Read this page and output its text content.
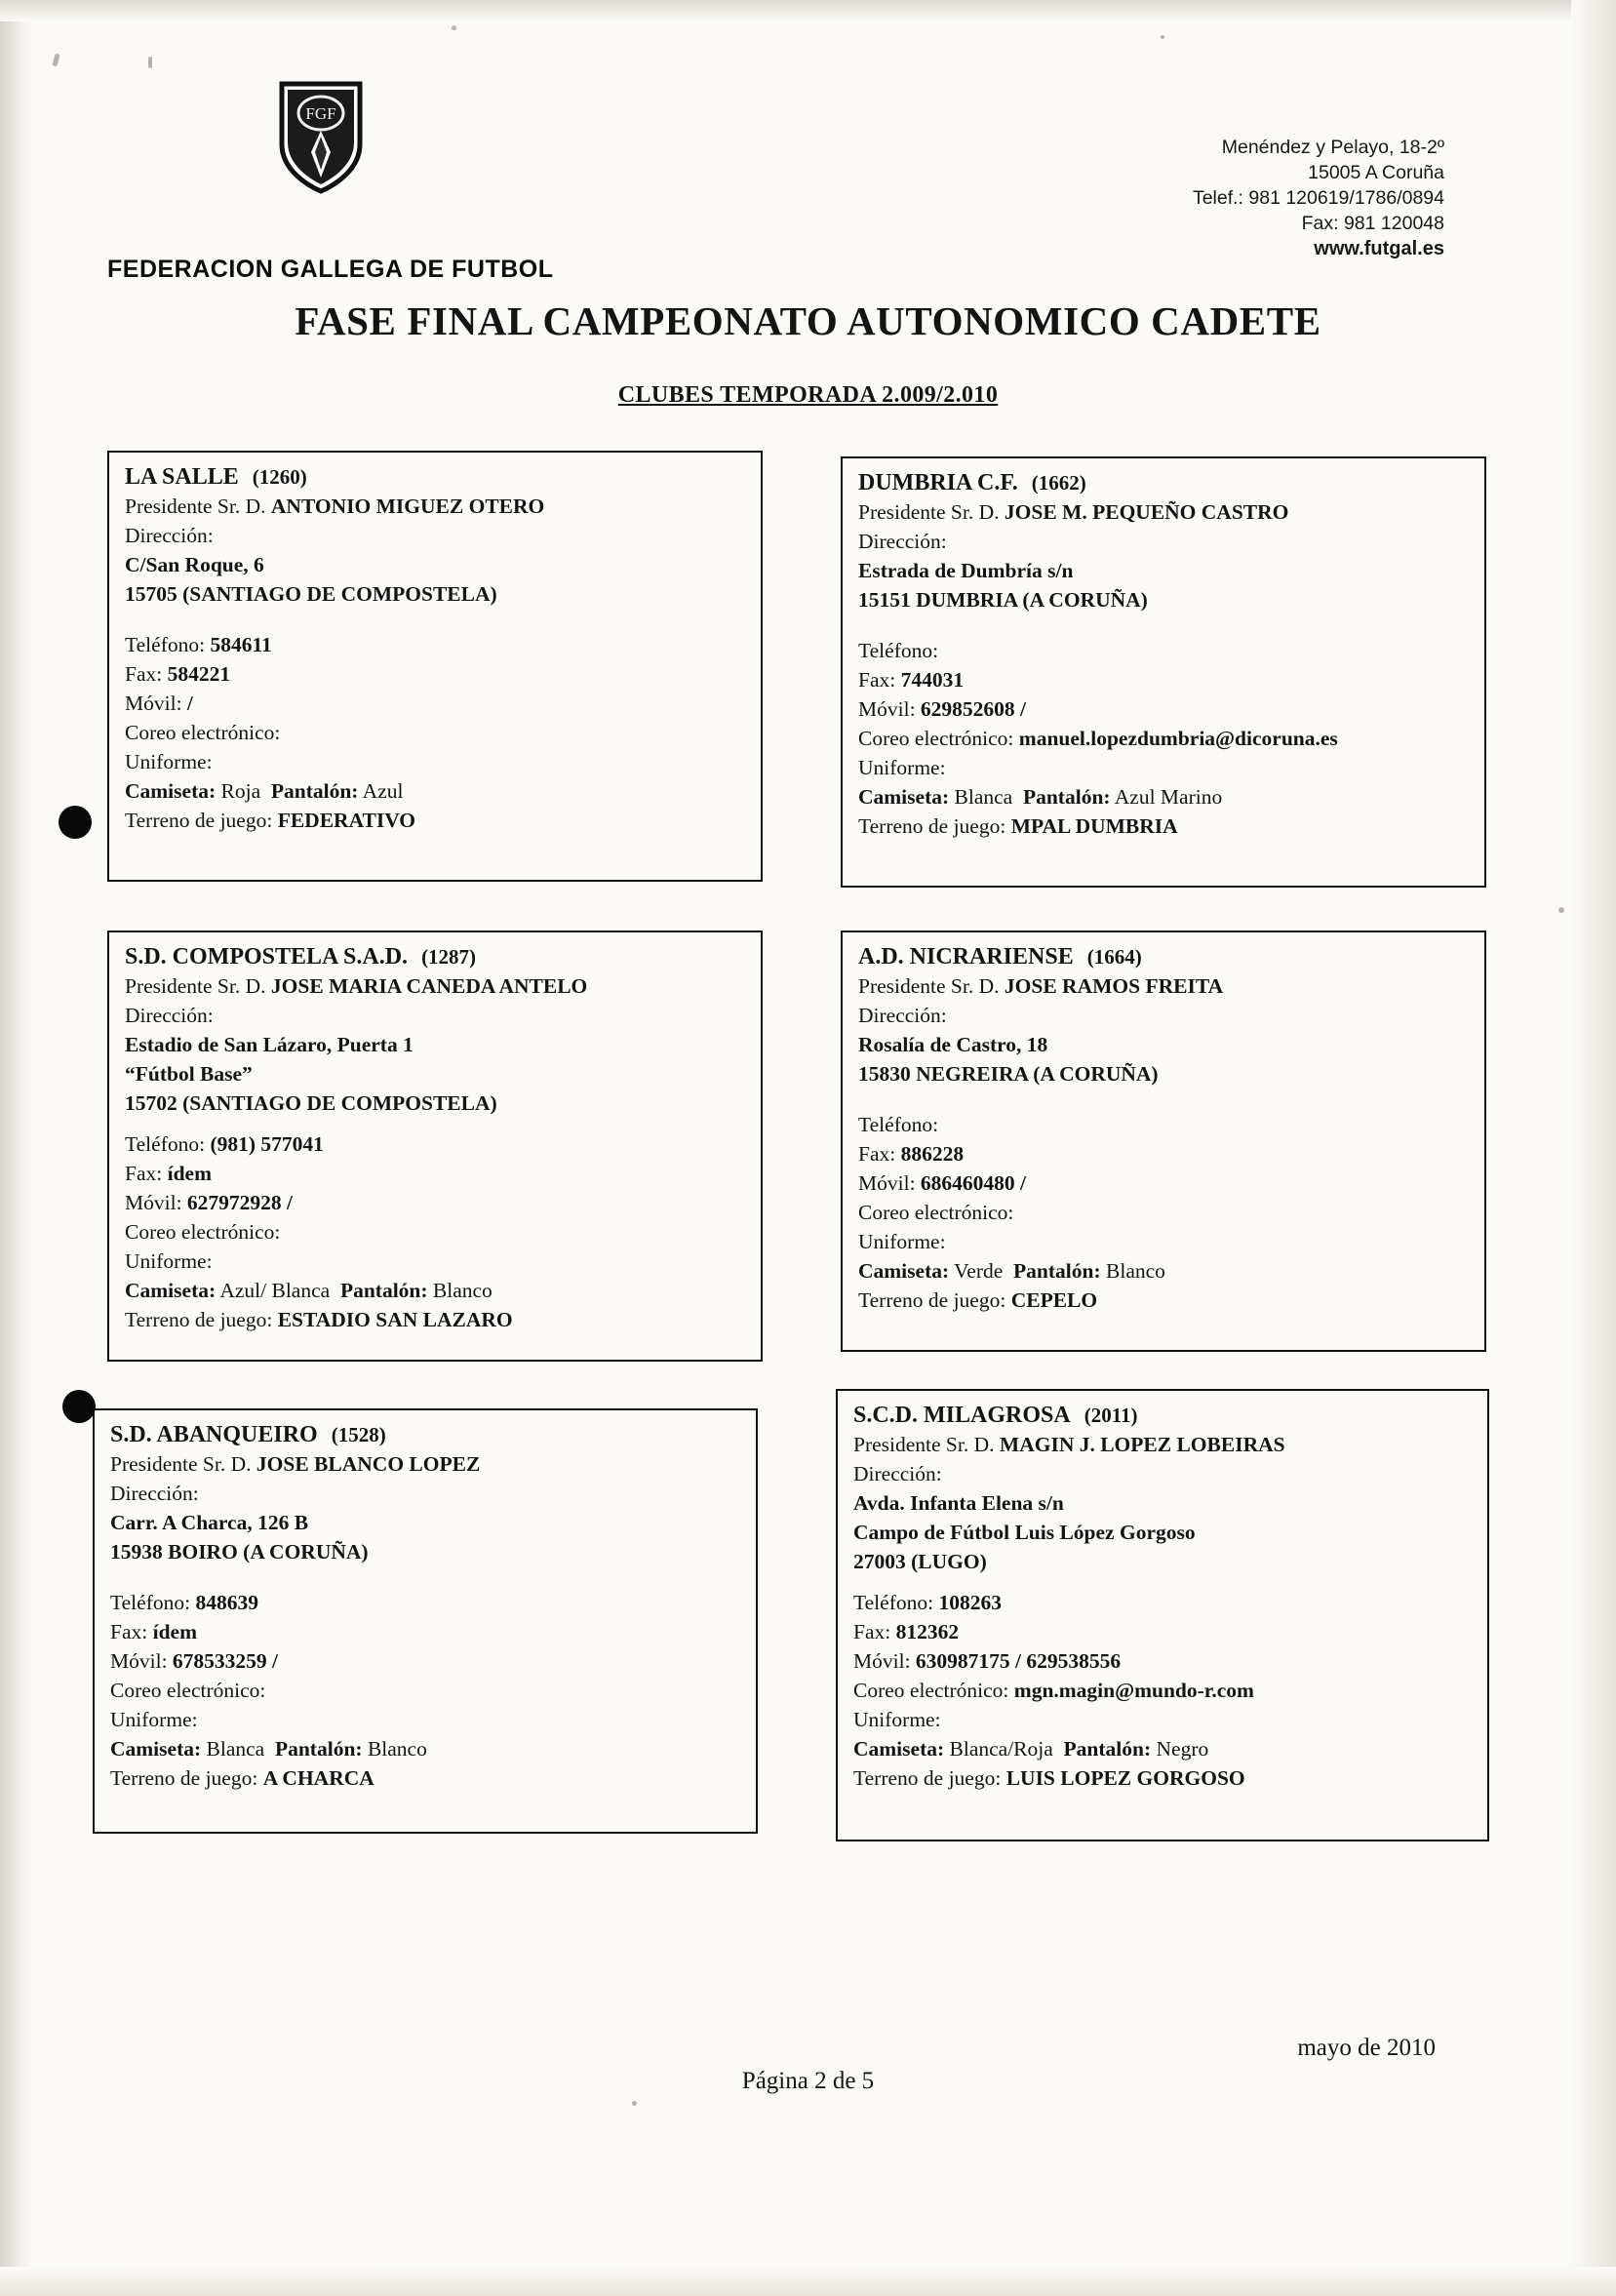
FGF
FEDERACION GALLEGA DE FUTBOL
Menéndez y Pelayo, 18-2º
15005 A Coruña
Telef.: 981 120619/1786/0894
Fax: 981 120048
www.futgal.es
FASE FINAL CAMPEONATO AUTONOMICO CADETE
CLUBES TEMPORADA 2.009/2.010
LA SALLE (1260)
Presidente Sr. D. ANTONIO MIGUEZ OTERO
Dirección:
C/San Roque, 6
15705 (SANTIAGO DE COMPOSTELA)
Teléfono: 584611
Fax: 584221
Móvil: /
Coreo electrónico:
Uniforme:
Camiseta: Roja Pantalón: Azul
Terreno de juego: FEDERATIVO
DUMBRIA C.F. (1662)
Presidente Sr. D. JOSE M. PEQUEÑO CASTRO
Dirección:
Estrada de Dumbría s/n
15151 DUMBRIA (A CORUÑA)
Teléfono:
Fax: 744031
Móvil: 629852608 /
Coreo electrónico: manuel.lopezdumbria@dicoruna.es
Uniforme:
Camiseta: Blanca Pantalón: Azul Marino
Terreno de juego: MPAL DUMBRIA
S.D. COMPOSTELA S.A.D. (1287)
Presidente Sr. D. JOSE MARIA CANEDA ANTELO
Dirección:
Estadio de San Lázaro, Puerta 1
“Fútbol Base”
15702 (SANTIAGO DE COMPOSTELA)
Teléfono: (981) 577041
Fax: ídem
Móvil: 627972928 /
Coreo electrónico:
Uniforme:
Camiseta: Azul/ Blanca Pantalón: Blanco
Terreno de juego: ESTADIO SAN LAZARO
A.D. NICRARIENSE (1664)
Presidente Sr. D. JOSE RAMOS FREITA
Dirección:
Rosalía de Castro, 18
15830 NEGREIRA (A CORUÑA)
Teléfono:
Fax: 886228
Móvil: 686460480 /
Coreo electrónico:
Uniforme:
Camiseta: Verde Pantalón: Blanco
Terreno de juego: CEPELO
S.D. ABANQUEIRO (1528)
Presidente Sr. D. JOSE BLANCO LOPEZ
Dirección:
Carr. A Charca, 126 B
15938 BOIRO (A CORUÑA)
Teléfono: 848639
Fax: ídem
Móvil: 678533259 /
Coreo electrónico:
Uniforme:
Camiseta: Blanca Pantalón: Blanco
Terreno de juego: A CHARCA
S.C.D. MILAGROSA (2011)
Presidente Sr. D. MAGIN J. LOPEZ LOBEIRAS
Dirección:
Avda. Infanta Elena s/n
Campo de Fútbol Luis López Gorgoso
27003 (LUGO)
Teléfono: 108263
Fax: 812362
Móvil: 630987175 / 629538556
Coreo electrónico: mgn.magin@mundo-r.com
Uniforme:
Camiseta: Blanca/Roja Pantalón: Negro
Terreno de juego: LUIS LOPEZ GORGOSO
mayo de 2010
Página 2 de 5
